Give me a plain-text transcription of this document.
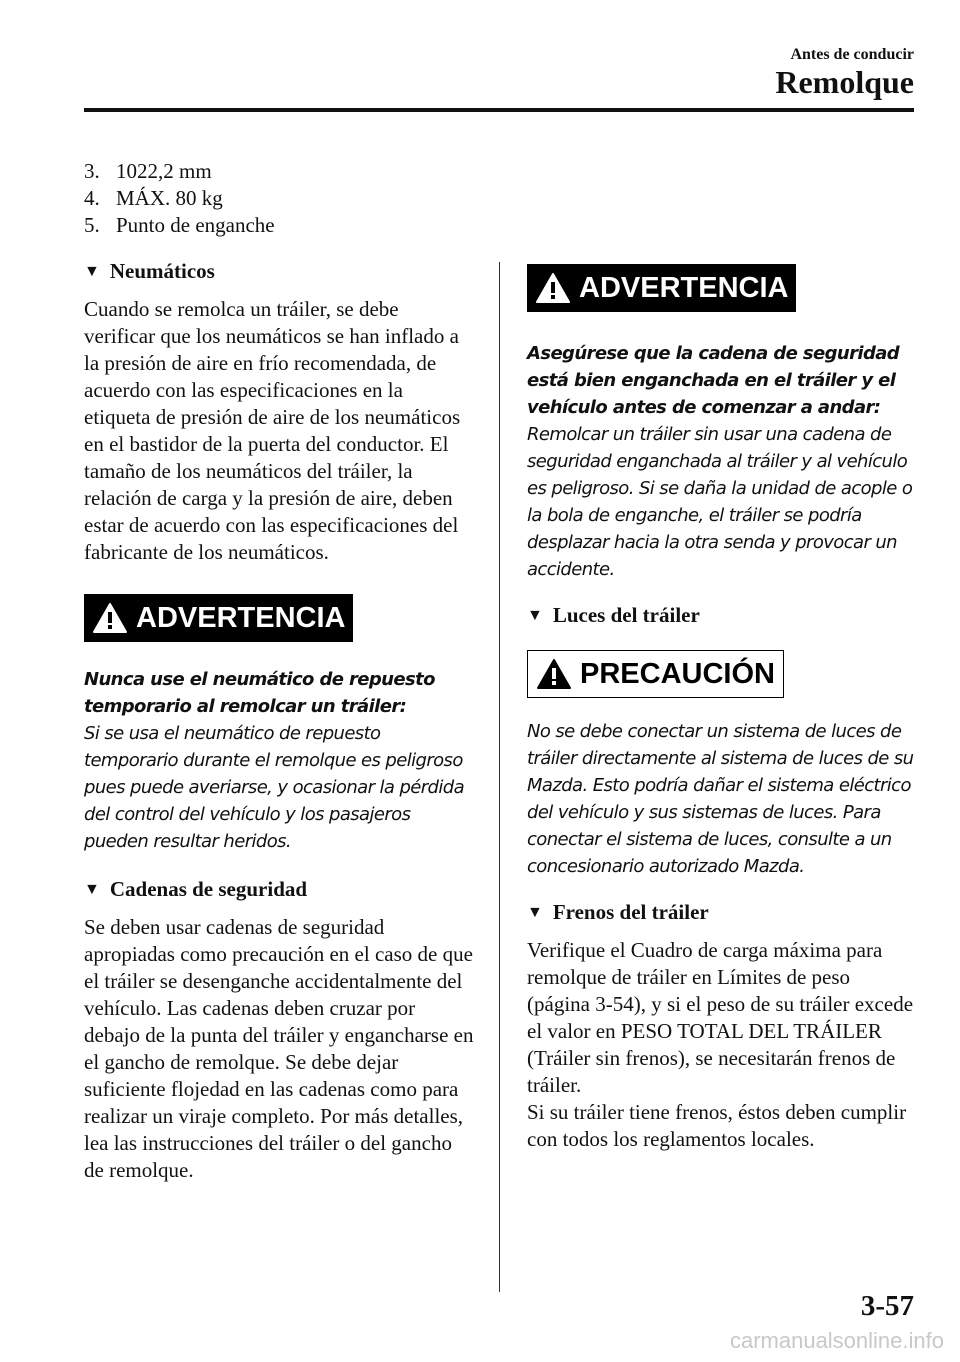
Antes de conducir
Remolque
3. 1022,2 mm
4. MÁX. 80 kg
5. Punto de enganche
▼ Neumáticos

Cuando se remolca un tráiler, se debe verificar que los neumáticos se han inflado a la presión de aire en frío recomendada, de acuerdo con las especificaciones en la etiqueta de presión de aire de los neumáticos en el bastidor de la puerta del conductor. El tamaño de los neumáticos del tráiler, la relación de carga y la presión de aire, deben estar de acuerdo con las especificaciones del fabricante de los neumáticos.

ADVERTENCIA
Nunca use el neumático de repuesto temporario al remolcar un tráiler:
Si se usa el neumático de repuesto temporario durante el remolque es peligroso pues puede averiarse, y ocasionar la pérdida del control del vehículo y los pasajeros pueden resultar heridos.
▼ Cadenas de seguridad

Se deben usar cadenas de seguridad apropiadas como precaución en el caso de que el tráiler se desenganche accidentalmente del vehículo. Las cadenas deben cruzar por debajo de la punta del tráiler y engancharse en el gancho de remolque. Se debe dejar suficiente flojedad en las cadenas como para realizar un viraje completo. Por más detalles, lea las instrucciones del tráiler o del gancho de remolque.

ADVERTENCIA
Asegúrese que la cadena de seguridad está bien enganchada en el tráiler y el vehículo antes de comenzar a andar:
Remolcar un tráiler sin usar una cadena de seguridad enganchada al tráiler y al vehículo es peligroso. Si se daña la unidad de acople o la bola de enganche, el tráiler se podría desplazar hacia la otra senda y provocar un accidente.
▼ Luces del tráiler
PRECAUCIÓN
No se debe conectar un sistema de luces de tráiler directamente al sistema de luces de su Mazda. Esto podría dañar el sistema eléctrico del vehículo y sus sistemas de luces. Para conectar el sistema de luces, consulte a un concesionario autorizado Mazda.
▼ Frenos del tráiler

Verifique el Cuadro de carga máxima para remolque de tráiler en Límites de peso (página 3-54), y si el peso de su tráiler excede el valor en PESO TOTAL DEL TRÁILER (Tráiler sin frenos), se necesitarán frenos de tráiler.

Si su tráiler tiene frenos, éstos deben cumplir con todos los reglamentos locales.

3-57
carmanualsonline.info
